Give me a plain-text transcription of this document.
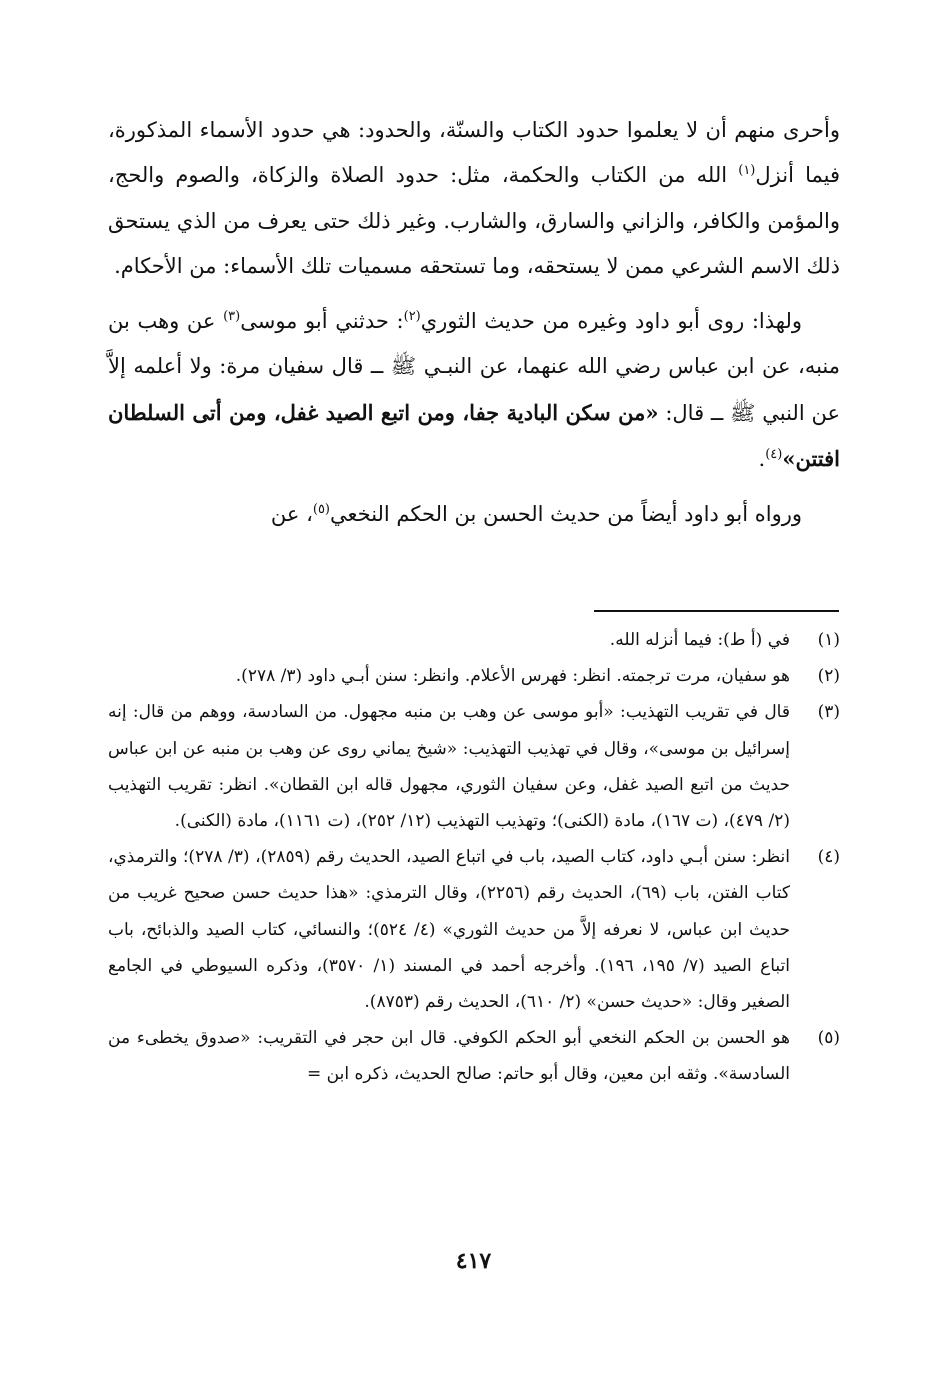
وأحرى منهم أن لا يعلموا حدود الكتاب والسنّة، والحدود: هي حدود الأسماء المذكورة، فيما أنزل$^{(١)}$ الله من الكتاب والحكمة، مثل: حدود الصلاة والزكاة، والصوم والحج، والمؤمن والكافر، والزاني والسارق، والشارب. وغير ذلك حتى يعرف من الذي يستحق ذلك الاسم الشرعي ممن لا يستحقه، وما تستحقه مسميات تلك الأسماء: من الأحكام.

ولهذا: روى أبو داود وغيره من حديث الثوري$^{(٢)}$: حدثني أبو موسى$^{(٣)}$ عن وهب بن منبه، عن ابن عباس رضي الله عنهما، عن النبـي ﷺ ــ قال سفيان مرة: ولا أعلمه إلاَّ عن النبي ﷺ ــ قال: «من سكن البادية جفا، ومن اتبع الصيد غفل، ومن أتى السلطان افتتن»$^{(٤)}$.

ورواه أبو داود أيضاً من حديث الحسن بن الحكم النخعي$^{(٥)}$، عن

(١)
في (أ ط): فيما أنزله الله.
(٢)
هو سفيان، مرت ترجمته. انظر: فهرس الأعلام. وانظر: سنن أبـي داود (٣/ ٢٧٨).
(٣)
قال في تقريب التهذيب: «أبو موسى عن وهب بن منبه مجهول. من السادسة، ووهم من قال: إنه إسرائيل بن موسى»، وقال في تهذيب التهذيب: «شيخ يماني روى عن وهب بن منبه عن ابن عباس حديث من اتبع الصيد غفل، وعن سفيان الثوري، مجهول قاله ابن القطان». انظر: تقريب التهذيب (٢/ ٤٧٩)، (ت ١٦٧)، مادة (الكنى)؛ وتهذيب التهذيب (١٢/ ٢٥٢)، (ت ١١٦١)، مادة (الكنى).
(٤)
انظر: سنن أبـي داود، كتاب الصيد، باب في اتباع الصيد، الحديث رقم (٢٨٥٩)، (٣/ ٢٧٨)؛ والترمذي، كتاب الفتن، باب (٦٩)، الحديث رقم (٢٢٥٦)، وقال الترمذي: «هذا حديث حسن صحيح غريب من حديث ابن عباس، لا نعرفه إلاَّ من حديث الثوري» (٤/ ٥٢٤)؛ والنسائي، كتاب الصيد والذبائح، باب اتباع الصيد (٧/ ١٩٥، ١٩٦). وأخرجه أحمد في المسند (١/ ٣٥٧٠)، وذكره السيوطي في الجامع الصغير وقال: «حديث حسن» (٢/ ٦١٠)، الحديث رقم (٨٧٥٣).
(٥)
هو الحسن بن الحكم النخعي أبو الحكم الكوفي. قال ابن حجر في التقريب: «صدوق يخطىء من السادسة». وثقه ابن معين، وقال أبو حاتم: صالح الحديث، ذكره ابن =
٤١٧
